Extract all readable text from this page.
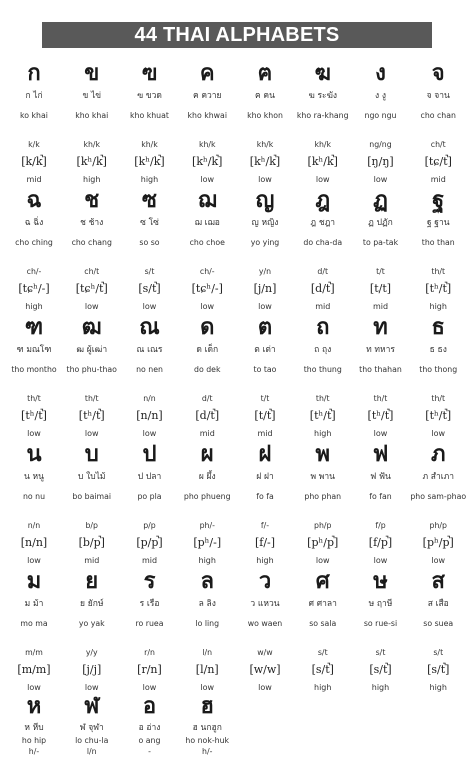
44 THAI ALPHABETS
ก
ก ไก่
ko khai
k/k
[k/k̚]
mid
ข
ข ไข่
kho khai
kh/k
[kʰ/k̚]
high
ฃ
ฃ ขวด
kho khuat
kh/k
[kʰ/k̚]
high
ค
ค ควาย
kho khwai
kh/k
[kʰ/k̚]
low
ฅ
ฅ คน
kho khon
kh/k
[kʰ/k̚]
low
ฆ
ฆ ระฆัง
kho ra-khang
kh/k
[kʰ/k̚]
low
ง
ง งู
ngo ngu
ng/ng
[ŋ/ŋ]
low
จ
จ จาน
cho chan
ch/t
[tɕ/t̚]
mid
ฉ
ฉ ฉิ่ง
cho ching
ch/-
[tɕʰ/-]
high
ช
ช ช้าง
cho chang
ch/t
[tɕʰ/t̚]
low
ซ
ซ โซ่
so so
s/t
[s/t̚]
low
ฌ
ฌ เฌอ
cho choe
ch/-
[tɕʰ/-]
low
ญ
ญ หญิง
yo ying
y/n
[j/n]
low
ฎ
ฎ ชฎา
do cha-da
d/t
[d/t̚]
mid
ฏ
ฏ ปฏัก
to pa-tak
t/t
[t/t]
mid
ฐ
ฐ ฐาน
tho than
th/t
[tʰ/t̚]
high
ฑ
ฑ มณโฑ
tho montho
th/t
[tʰ/t̚]
low
ฒ
ฒ ผู้เฒ่า
tho phu-thao
th/t
[tʰ/t̚]
low
ณ
ณ เณร
no nen
n/n
[n/n]
low
ด
ด เด็ก
do dek
d/t
[d/t̚]
mid
ต
ต เต่า
to tao
t/t
[t/t̚]
mid
ถ
ถ ถุง
tho thung
th/t
[tʰ/t̚]
high
ท
ท ทหาร
tho thahan
th/t
[tʰ/t̚]
low
ธ
ธ ธง
tho thong
th/t
[tʰ/t̚]
low
น
น หนู
no nu
n/n
[n/n]
low
บ
บ ใบไม้
bo baimai
b/p
[b/p̚]
mid
ป
ป ปลา
po pla
p/p
[p/p̚]
mid
ผ
ผ ผึ้ง
pho phueng
ph/-
[pʰ/-]
high
ฝ
ฝ ฝา
fo fa
f/-
[f/-]
high
พ
พ พาน
pho phan
ph/p
[pʰ/p̚]
low
ฟ
ฟ ฟัน
fo fan
f/p
[f/p̚]
low
ภ
ภ สำเภา
pho sam-phao
ph/p
[pʰ/p̚]
low
ม
ม ม้า
mo ma
m/m
[m/m]
low
ย
ย ยักษ์
yo yak
y/y
[j/j]
low
ร
ร เรือ
ro ruea
r/n
[r/n]
low
ล
ล ลิง
lo ling
l/n
[l/n]
low
ว
ว แหวน
wo waen
w/w
[w/w]
low
ศ
ศ ศาลา
so sala
s/t
[s/t̚]
high
ษ
ษ ฤาษี
so rue-si
s/t
[s/t̚]
high
ส
ส เสือ
so suea
s/t
[s/t̚]
high
ห
ห หีบ
ho hip
h/-
ฬ
ฬ จุฬา
lo chu-la
l/n
อ
อ อ่าง
o ang
-
ฮ
ฮ นกฮูก
ho nok-huk
h/-
